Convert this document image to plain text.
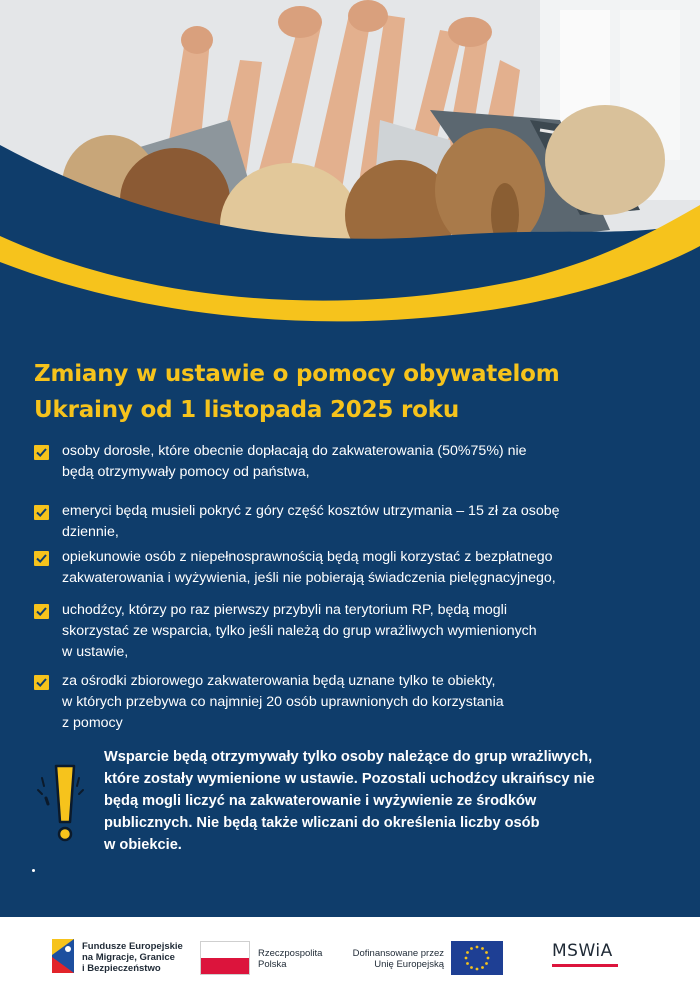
Zmiany w ustawie o pomocy obywatelom
Ukrainy od 1 listopada 2025 roku
osoby dorosłe, które obecnie dopłacają do zakwaterowania (50%75%) nie
będą otrzymywały pomocy od państwa,
emeryci będą musieli pokryć z góry część kosztów utrzymania – 15 zł za osobę
dziennie,
opiekunowie osób z niepełnosprawnością będą mogli korzystać z bezpłatnego
zakwaterowania i wyżywienia, jeśli nie pobierają świadczenia pielęgnacyjnego,
uchodźcy, którzy po raz pierwszy przybyli na terytorium RP, będą mogli
skorzystać ze wsparcia, tylko jeśli należą do grup wrażliwych wymienionych
w ustawie,
za ośrodki zbiorowego zakwaterowania będą uznane tylko te obiekty,
w których przebywa co najmniej 20 osób uprawnionych do korzystania
z pomocy
Wsparcie będą otrzymywały tylko osoby należące do grup wrażliwych,
które zostały wymienione w ustawie. Pozostali uchodźcy ukraińscy nie
będą mogli liczyć na zakwaterowanie i wyżywienie ze środków
publicznych. Nie będą także wliczani do określenia liczby osób
w obiekcie.
Fundusze Europejskie
na Migracje, Granice
i Bezpieczeństwo
Rzeczpospolita
Polska
Dofinansowane przez
Unię Europejską
MSWiA
